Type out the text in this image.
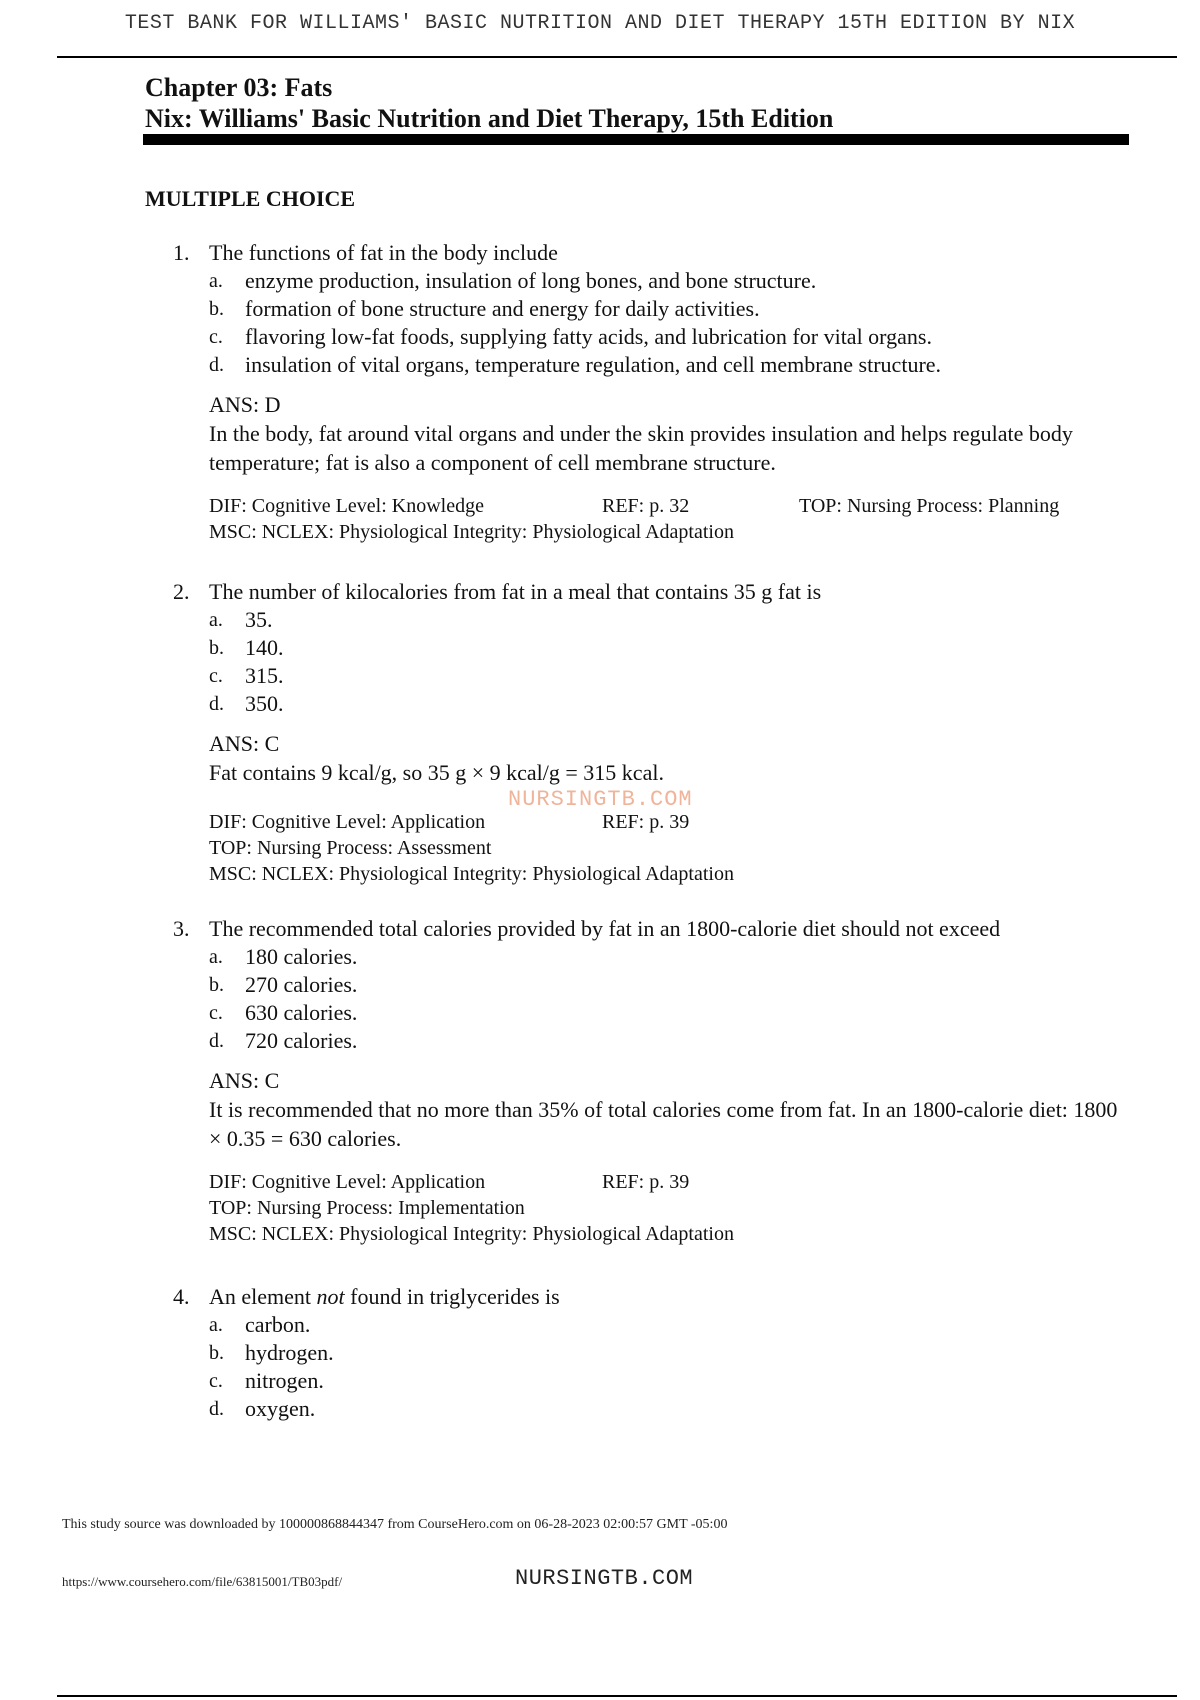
TEST BANK FOR WILLIAMS' BASIC NUTRITION AND DIET THERAPY 15TH EDITION BY NIX
Chapter 03: Fats
Nix: Williams' Basic Nutrition and Diet Therapy, 15th Edition
MULTIPLE CHOICE
1. The functions of fat in the body include
a. enzyme production, insulation of long bones, and bone structure.
b. formation of bone structure and energy for daily activities.
c. flavoring low-fat foods, supplying fatty acids, and lubrication for vital organs.
d. insulation of vital organs, temperature regulation, and cell membrane structure.
ANS: D
In the body, fat around vital organs and under the skin provides insulation and helps regulate body temperature; fat is also a component of cell membrane structure.
DIF: Cognitive Level: Knowledge	REF: p. 32	TOP: Nursing Process: Planning
MSC: NCLEX: Physiological Integrity: Physiological Adaptation
2. The number of kilocalories from fat in a meal that contains 35 g fat is
a. 35.
b. 140.
c. 315.
d. 350.
ANS: C
Fat contains 9 kcal/g, so 35 g × 9 kcal/g = 315 kcal.
DIF: Cognitive Level: Application	REF: p. 39
TOP: Nursing Process: Assessment
MSC: NCLEX: Physiological Integrity: Physiological Adaptation
NURSINGTB.COM
3. The recommended total calories provided by fat in an 1800-calorie diet should not exceed
a. 180 calories.
b. 270 calories.
c. 630 calories.
d. 720 calories.
ANS: C
It is recommended that no more than 35% of total calories come from fat. In an 1800-calorie diet: 1800 × 0.35 = 630 calories.
DIF: Cognitive Level: Application	REF: p. 39
TOP: Nursing Process: Implementation
MSC: NCLEX: Physiological Integrity: Physiological Adaptation
4. An element not found in triglycerides is
a. carbon.
b. hydrogen.
c. nitrogen.
d. oxygen.
This study source was downloaded by 100000868844347 from CourseHero.com on 06-28-2023 02:00:57 GMT -05:00
https://www.coursehero.com/file/63815001/TB03pdf/	NURSINGTB.COM
